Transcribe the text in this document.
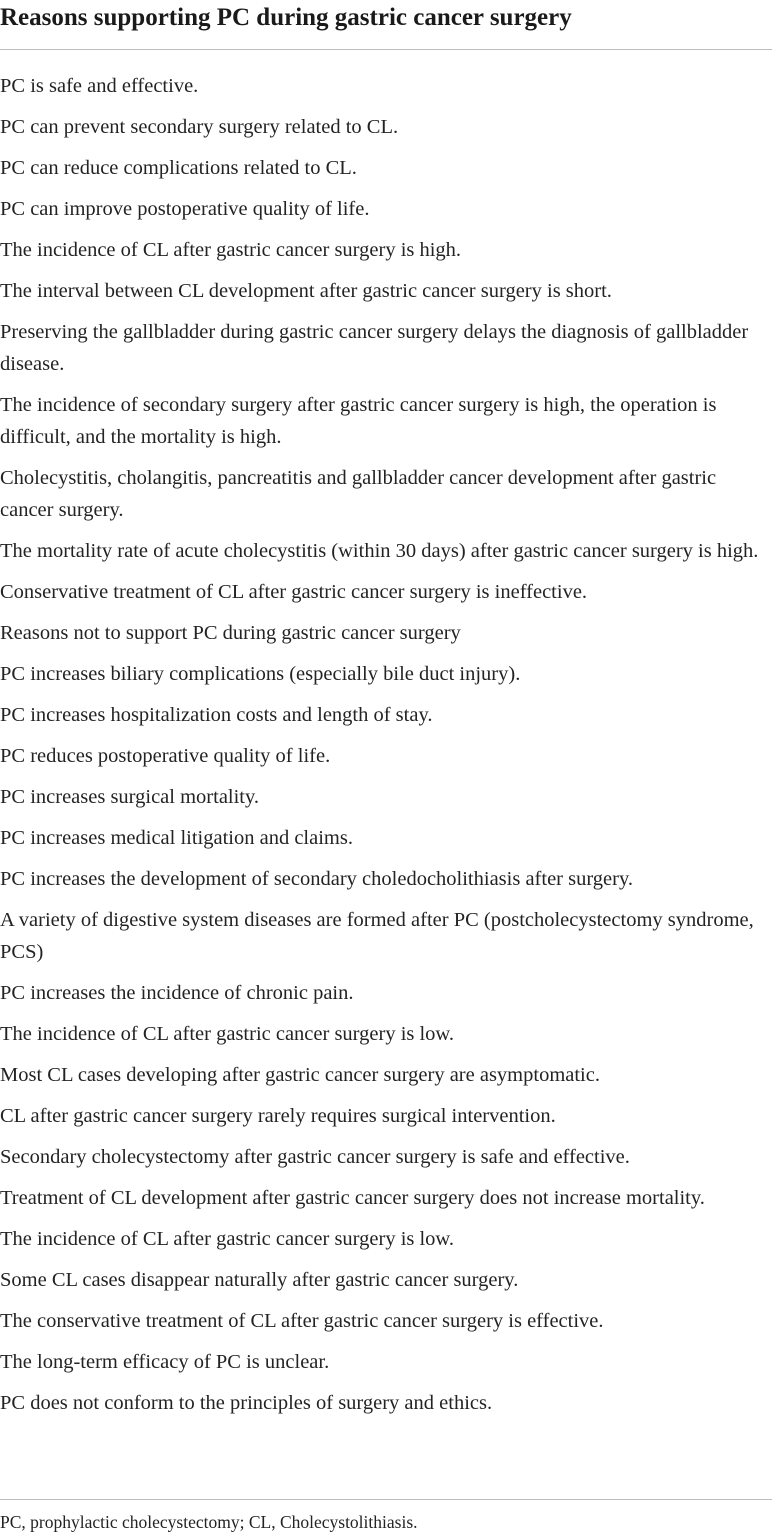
Reasons supporting PC during gastric cancer surgery
PC is safe and effective.
PC can prevent secondary surgery related to CL.
PC can reduce complications related to CL.
PC can improve postoperative quality of life.
The incidence of CL after gastric cancer surgery is high.
The interval between CL development after gastric cancer surgery is short.
Preserving the gallbladder during gastric cancer surgery delays the diagnosis of gallbladder disease.
The incidence of secondary surgery after gastric cancer surgery is high, the operation is difficult, and the mortality is high.
Cholecystitis, cholangitis, pancreatitis and gallbladder cancer development after gastric cancer surgery.
The mortality rate of acute cholecystitis (within 30 days) after gastric cancer surgery is high.
Conservative treatment of CL after gastric cancer surgery is ineffective.
Reasons not to support PC during gastric cancer surgery
PC increases biliary complications (especially bile duct injury).
PC increases hospitalization costs and length of stay.
PC reduces postoperative quality of life.
PC increases surgical mortality.
PC increases medical litigation and claims.
PC increases the development of secondary choledocholithiasis after surgery.
A variety of digestive system diseases are formed after PC (postcholecystectomy syndrome, PCS)
PC increases the incidence of chronic pain.
The incidence of CL after gastric cancer surgery is low.
Most CL cases developing after gastric cancer surgery are asymptomatic.
CL after gastric cancer surgery rarely requires surgical intervention.
Secondary cholecystectomy after gastric cancer surgery is safe and effective.
Treatment of CL development after gastric cancer surgery does not increase mortality.
The incidence of CL after gastric cancer surgery is low.
Some CL cases disappear naturally after gastric cancer surgery.
The conservative treatment of CL after gastric cancer surgery is effective.
The long-term efficacy of PC is unclear.
PC does not conform to the principles of surgery and ethics.

PC, prophylactic cholecystectomy; CL, Cholecystolithiasis.
